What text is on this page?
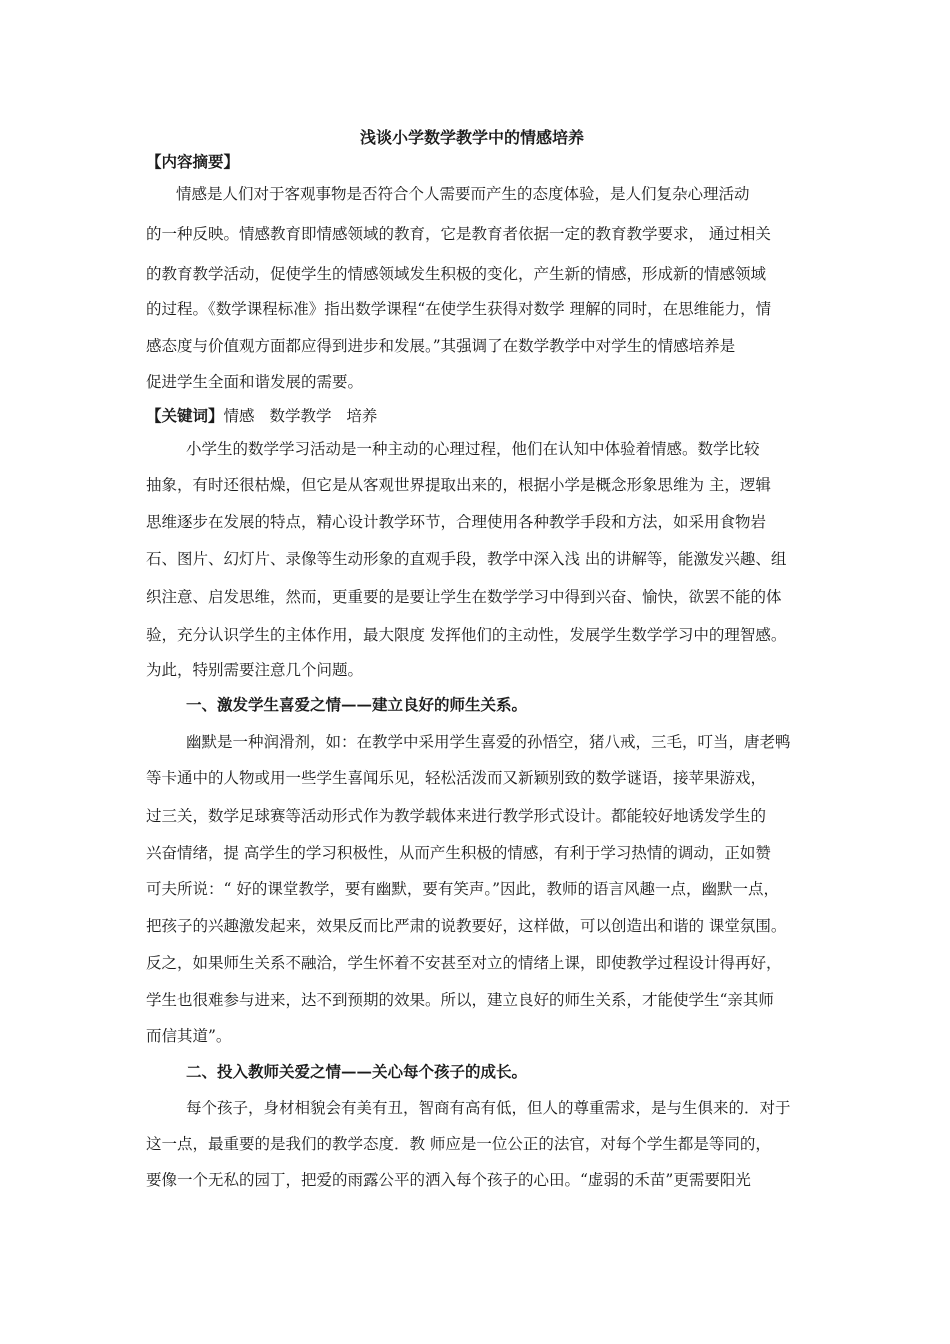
浅谈小学数学教学中的情感培养
【内容摘要】
情感是人们对于客观事物是否符合个人需要而产生的态度体验，是人们复杂心理活动
的一种反映。情感教育即情感领域的教育，它是教育者依据一定的教育教学要求， 通过相关
的教育教学活动，促使学生的情感领域发生积极的变化，产生新的情感，形成新的情感领域
的过程。《数学课程标准》指出数学课程“在使学生获得对数学 理解的同时，在思维能力，情
感态度与价值观方面都应得到进步和发展。”其强调了在数学教学中对学生的情感培养是
促进学生全面和谐发展的需要。
【关键词】情感 数学教学 培养
小学生的数学学习活动是一种主动的心理过程，他们在认知中体验着情感。数学比较
抽象，有时还很枯燥，但它是从客观世界提取出来的，根据小学是概念形象思维为 主，逻辑
思维逐步在发展的特点，精心设计教学环节，合理使用各种教学手段和方法，如采用食物岩
石、图片、幻灯片、录像等生动形象的直观手段，教学中深入浅 出的讲解等，能激发兴趣、组
织注意、启发思维，然而，更重要的是要让学生在数学学习中得到兴奋、愉快，欲罢不能的体
验，充分认识学生的主体作用，最大限度 发挥他们的主动性，发展学生数学学习中的理智感。
为此，特别需要注意几个问题。
一、激发学生喜爱之情——建立良好的师生关系。
幽默是一种润滑剂，如：在教学中采用学生喜爱的孙悟空，猪八戒，三毛，叮当，唐老鸭
等卡通中的人物或用一些学生喜闻乐见，轻松活泼而又新颖别致的数学谜语，接苹果游戏，
过三关，数学足球赛等活动形式作为教学载体来进行教学形式设计。都能较好地诱发学生的
兴奋情绪，提 高学生的学习积极性，从而产生积极的情感，有利于学习热情的调动，正如赞
可夫所说：“ 好的课堂教学，要有幽默，要有笑声。”因此，教师的语言风趣一点，幽默一点，
把孩子的兴趣激发起来，效果反而比严肃的说教要好，这样做，可以创造出和谐的 课堂氛围。
反之，如果师生关系不融洽，学生怀着不安甚至对立的情绪上课，即使教学过程设计得再好，
学生也很难参与进来，达不到预期的效果。所以，建立良好的师生关系，才能使学生“亲其师
而信其道”。
二、投入教师关爱之情——关心每个孩子的成长。
每个孩子，身材相貌会有美有丑，智商有高有低，但人的尊重需求，是与生俱来的．对于
这一点，最重要的是我们的教学态度．教 师应是一位公正的法官，对每个学生都是等同的，
要像一个无私的园丁，把爱的雨露公平的洒入每个孩子的心田。“虚弱的禾苗”更需要阳光
